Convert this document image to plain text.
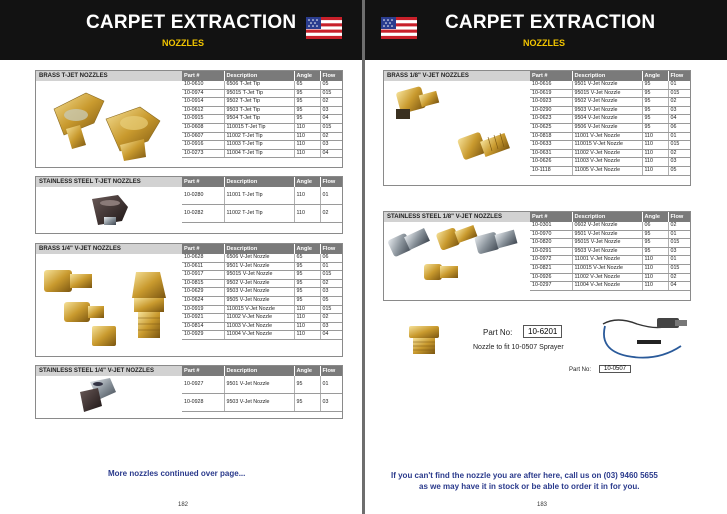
CARPET EXTRACTION
NOZZLES
BRASS T-JET NOZZLES	Part #	Description	Angle	Flow
10-0610	6506 T-Jet Tip	65	05
10-0974	95015 T-Jet Tip	95	015
10-0914	9502 T-Jet Tip	95	02
10-0612	9503 T-Jet Tip	95	03
10-0915	9504 T-Jet Tip	95	04
10-0608	110015 T-Jet Tip	110	015
10-0607	11002 T-Jet Tip	110	02
10-0916	11003 T-Jet Tip	110	03
10-0273	11004 T-Jet Tip	110	04
STAINLESS STEEL T-JET NOZZLES	Part #	Description	Angle	Flow
10-0280	11001 T-Jet Tip	110	01
10-0282	11002 T-Jet Tip	110	02
BRASS 1/4" V-JET NOZZLES	Part #	Description	Angle	Flow
10-0628	6506 V-Jet Nozzle	65	06
10-0611	9501 V-Jet Nozzle	95	01
10-0917	95015 V-Jet Nozzle	95	015
10-0815	9502 V-Jet Nozzle	95	02
10-0629	9503 V-Jet Nozzle	95	03
10-0624	9505 V-Jet Nozzle	95	05
10-0919	110015 V-Jet Nozzle	110	015
10-0921	11002 V-Jet Nozzle	110	02
10-0814	11003 V-Jet Nozzle	110	03
10-0929	11004 V-Jet Nozzle	110	04
STAINLESS STEEL 1/4" V-JET NOZZLES	Part #	Description	Angle	Flow
10-0927	9501 V-Jet Nozzle	95	01
10-0928	9503 V-Jet Nozzle	95	03
More nozzles continued over page...
182
CARPET EXTRACTION
NOZZLES
BRASS 1/8" V-JET NOZZLES	Part #	Description	Angle	Flow
10-0616	9501 V-Jet Nozzle	95	01
10-0619	95015 V-Jet Nozzle	95	015
10-0923	9502 V-Jet Nozzle	95	02
10-0290	9503 V-Jet Nozzle	95	03
10-0623	9504 V-Jet Nozzle	95	04
10-0625	9506 V-Jet Nozzle	95	06
10-0818	11001 V-Jet Nozzle	110	01
10-0633	110015 V-Jet Nozzle	110	015
10-0631	11002 V-Jet Nozzle	110	02
10-0626	11003 V-Jet Nozzle	110	03
10-1118	11005 V-Jet Nozzle	110	05
STAINLESS STEEL 1/8" V-JET NOZZLES	Part #	Description	Angle	Flow
10-0301	0602 V-Jet Nozzle	06	02
10-0970	9501 V-Jet Nozzle	95	01
10-0820	95015 V-Jet Nozzle	95	015
10-0291	9503 V-Jet Nozzle	95	03
10-0972	11001 V-Jet Nozzle	110	01
10-0821	110015 V-Jet Nozzle	110	015
10-0926	11002 V-Jet Nozzle	110	02
10-0297	11004 V-Jet Nozzle	110	04
Part No:	10-6201
Nozzle to fit 10-0507 Sprayer
Part No:	10-0507
If you can't find the nozzle you are after here, call us on (03) 9460 5655
as we may have it in stock or be able to order it in for you.
183
